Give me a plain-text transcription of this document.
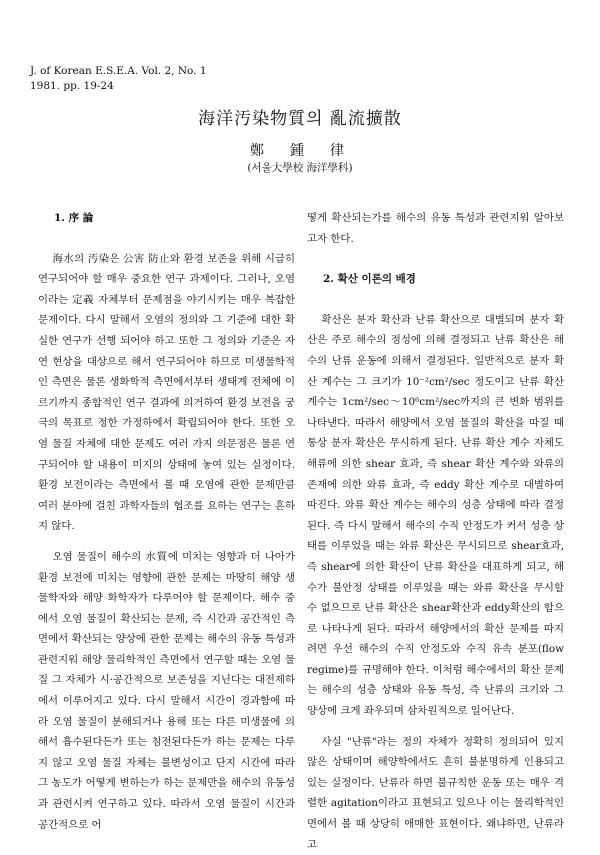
J. of Korean E.S.E.A. Vol. 2, No. 1
1981. pp. 19-24
海洋汚染物質의 亂流擴散
鄭　鍾　律
(서울大學校 海洋學科)

1. 序 論

海水의 汚染은 公害 防止와 환경 보존을 위해 시급히 연구되어야 할 매우 중요한 연구 과제이다. 그러나, 오염이라는 定義 자체부터 문제점을 야기시키는 매우 복잡한 문제이다. 다시 말해서 오염의 정의와 그 기준에 대한 확실한 연구가 선행 되어야 하고 또한 그 정의와 기준은 자연 현상을 대상으로 해서 연구되어야 하므로 미생물학적인 측면은 물론 생화학적 측면에서부터 생태계 전체에 이르기까지 종합적인 연구 결과에 의거하여 환경 보전을 궁극의 목표로 정한 가정하에서 확립되어야 한다. 또한 오염 물질 자체에 대한 문제도 여러 가지 의문점은 물론 연구되어야 할 내용이 미지의 상태에 놓여 있는 실정이다. 환경 보전이라는 측면에서 볼 때 오염에 관한 문제만큼 여러 분야에 걸친 과학자들의 협조를 요하는 연구는 흔하지 않다.

오염 물질이 해수의 水質에 미치는 영향과 더 나아가 환경 보전에 미치는 영향에 관한 문제는 마땅히 해양 생물학자와 해양 화학자가 다루어야 할 문제이다. 해수 중에서 오염 물질이 확산되는 문제, 즉 시간과 공간적인 측면에서 확산되는 양상에 관한 문제는 해수의 유동 특성과 관련지워 해양 물리학적인 측면에서 연구할 때는 오염 물질 그 자체가 시·공간적으로 보존성을 지닌다는 대전제하에서 이루어지고 있다. 다시 말해서 시간이 경과함에 따라 오염 물질이 분해되거나 용해 또는 다른 미생물에 의해서 흡수된다든가 또는 침전된다든가 하는 문제는 다루지 않고 오염 물질 자체는 불변성이고 단지 시간에 따라 그 농도가 어떻게 변하는가 하는 문제만을 해수의 유동성과 관련시켜 연구하고 있다. 따라서 오염 물질이 시간과 공간적으로 어

떻게 확산되는가를 해수의 유동 특성과 관련지워 알아보고자 한다.

2. 확산 이론의 배경

확산은 분자 확산과 난류 확산으로 대별되며 분자 확산은 주로 해수의 점성에 의해 결정되고 난류 확산은 해수의 난류 운동에 의해서 결정된다. 일반적으로 분자 확산 계수는 그 크기가 10⁻²cm²/sec 정도이고 난류 확산 계수는 1cm²/sec～10⁶cm²/sec까지의 큰 변화 범위를 나타낸다. 따라서 해양에서 오염 물질의 확산을 따질 때 통상 분자 확산은 무시하게 된다. 난류 확산 계수 자체도 해류에 의한 shear 효과, 즉 shear 확산 계수와 와류의 존재에 의한 와류 효과, 즉 eddy 확산 계수로 대별하여 따진다. 와류 확산 계수는 해수의 성층 상태에 따라 결정된다. 즉 다시 말해서 해수의 수직 안정도가 커서 성층 상태를 이루었을 때는 와류 확산은 무시되므로 shear효과, 즉 shear에 의한 확산이 난류 확산을 대표하게 되고, 해수가 불안정 상태를 이루었을 때는 와류 확산을 무시할 수 없으므로 난류 확산은 shear확산과 eddy확산의 합으로 나타나게 된다. 따라서 해양에서의 확산 문제를 따지려면 우선 해수의 수직 안정도와 수직 유속 분포(flow regime)를 규명해야 한다. 이처럼 해수에서의 확산 문제는 해수의 성층 상태와 유동 특성, 즉 난류의 크기와 그 양상에 크게 좌우되며 삼차원적으로 일어난다.

사실 "난류"라는 정의 자체가 정확히 정의되어 있지 않은 상태이며 해양학에서도 흔히 불분명하게 인용되고 있는 실정이다. 난류라 하면 불규칙한 운동 또는 매우 격렬한 agitation이라고 표현되고 있으나 이는 물리학적인 면에서 볼 때 상당히 애매한 표현이다. 왜냐하면, 난류라고
